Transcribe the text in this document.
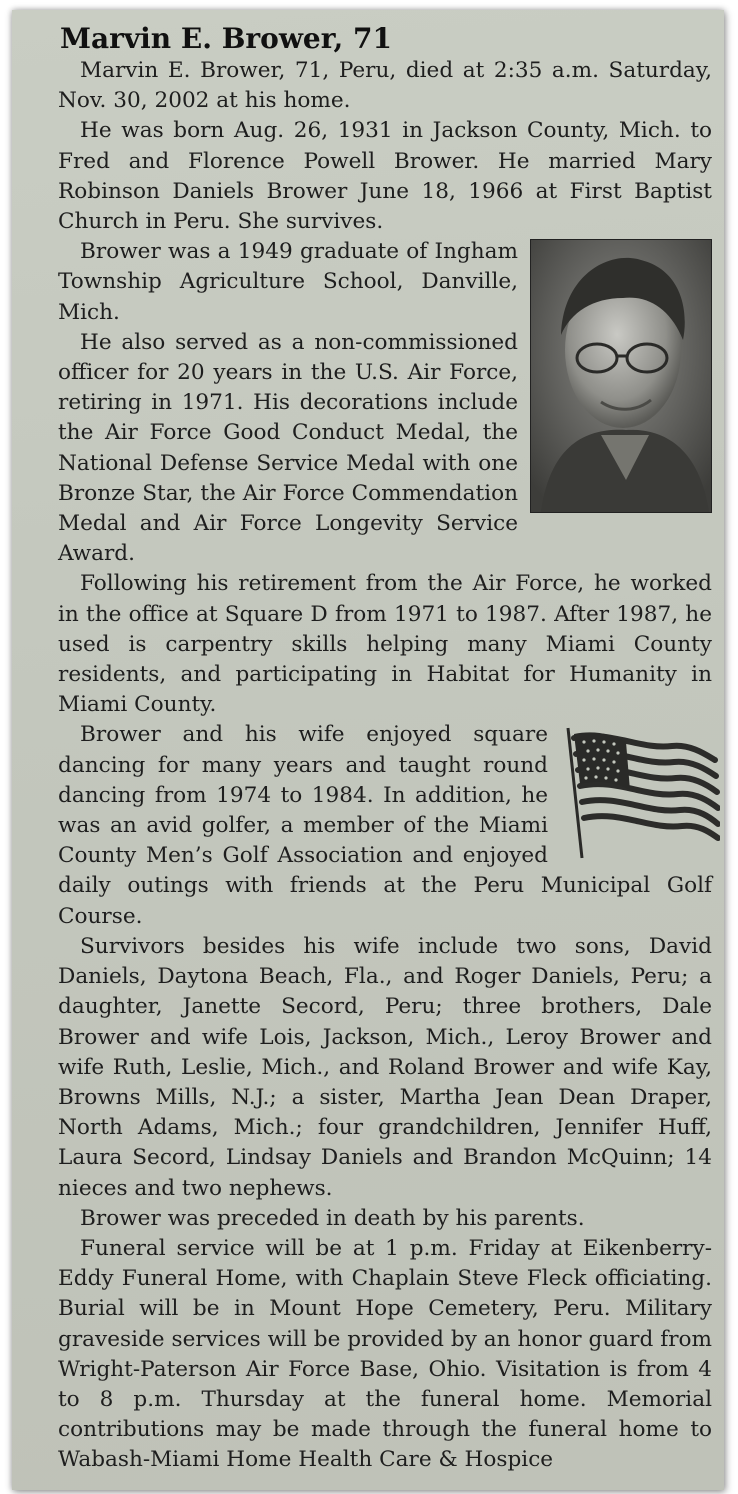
Marvin E. Brower, 71

Marvin E. Brower, 71, Peru, died at 2:35 a.m. Saturday, Nov. 30, 2002 at his home.

He was born Aug. 26, 1931 in Jackson County, Mich. to Fred and Florence Powell Brower. He married Mary Robinson Daniels Brower June 18, 1966 at First Baptist Church in Peru. She survives.

Brower was a 1949 graduate of Ingham Township Agriculture School, Danville, Mich.

He also served as a non-commissioned officer for 20 years in the U.S. Air Force, retiring in 1971. His decorations include the Air Force Good Conduct Medal, the National Defense Service Medal with one Bronze Star, the Air Force Commendation Medal and Air Force Longevity Service Award.

Following his retirement from the Air Force, he worked in the office at Square D from 1971 to 1987. After 1987, he used is carpentry skills helping many Miami County residents, and participating in Habitat for Humanity in Miami County.

Brower and his wife enjoyed square dancing for many years and taught round dancing from 1974 to 1984. In addition, he was an avid golfer, a member of the Miami County Men’s Golf Association and enjoyed daily outings with friends at the Peru Municipal Golf Course.

Survivors besides his wife include two sons, David Daniels, Daytona Beach, Fla., and Roger Daniels, Peru; a daughter, Janette Secord, Peru; three brothers, Dale Brower and wife Lois, Jackson, Mich., Leroy Brower and wife Ruth, Leslie, Mich., and Roland Brower and wife Kay, Browns Mills, N.J.; a sister, Martha Jean Dean Draper, North Adams, Mich.; four grandchildren, Jennifer Huff, Laura Secord, Lindsay Daniels and Brandon McQuinn; 14 nieces and two nephews.

Brower was preceded in death by his parents.

Funeral service will be at 1 p.m. Friday at Eikenberry-Eddy Funeral Home, with Chaplain Steve Fleck officiating. Burial will be in Mount Hope Cemetery, Peru. Military graveside services will be provided by an honor guard from Wright-Paterson Air Force Base, Ohio. Visitation is from 4 to 8 p.m. Thursday at the funeral home. Memorial contributions may be made through the funeral home to Wabash-Miami Home Health Care & Hospice
